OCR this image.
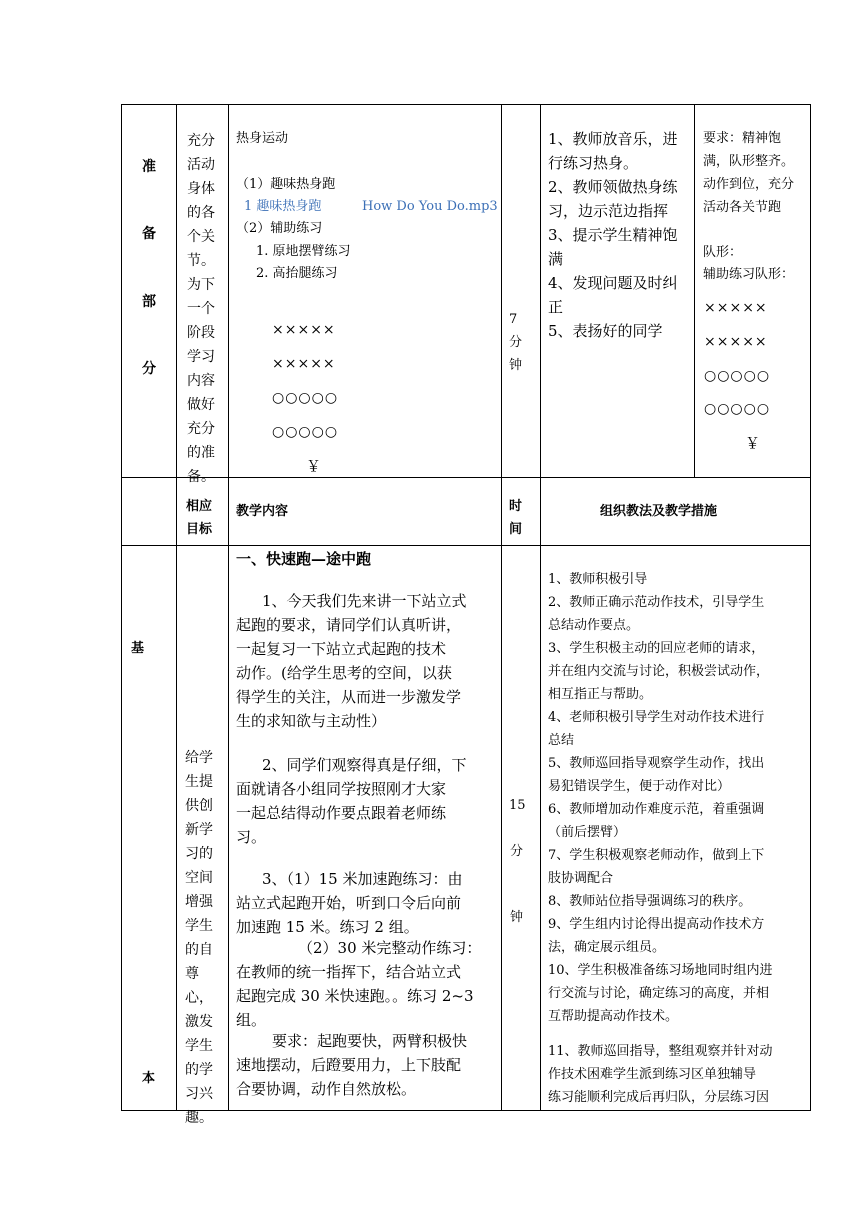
准
备
部
分
充分
活动
身体
的各
个关
节。
为下
一个
阶段
学习
内容
做好
充分
的准
备。
热身运动
（1）趣味热身跑
1 趣味热身跑	How Do You Do.mp3
（2）辅助练习
1. 原地摆臂练习
2. 高抬腿练习
×××××
×××××
○○○○○
○○○○○
￥
7
分
钟
1、教师放音乐，进
行练习热身。
2、教师领做热身练
习，边示范边指挥
3、提示学生精神饱
满
4、发现问题及时纠
正
5、表扬好的同学
要求：精神饱
满，队形整齐。
动作到位，充分
活动各关节跑
队形：
辅助练习队形：
×××××
×××××
○○○○○
○○○○○
￥
相应
目标
教学内容	时
间
组织教法及教学措施
基
本
给学
生提
供创
新学
习的
空间
增强
学生
的自
尊
心，
激发
学生
的学
习兴
趣。
一、快速跑—途中跑
1、今天我们先来讲一下站立式
起跑的要求，请同学们认真听讲，
一起复习一下站立式起跑的技术
动作。(给学生思考的空间，以获
得学生的关注，从而进一步激发学
生的求知欲与主动性）
2、同学们观察得真是仔细，下
面就请各小组同学按照刚才大家
一起总结得动作要点跟着老师练
习。
3、（1）15 米加速跑练习：由
站立式起跑开始，听到口令后向前
加速跑 15 米。练习 2 组。
（2）30 米完整动作练习：
在教师的统一指挥下，结合站立式
起跑完成 30 米快速跑。。练习 2~3
组。
要求：起跑要快，两臂积极快
速地摆动，后蹬要用力，上下肢配
合要协调，动作自然放松。
15
分
钟
1、教师积极引导
2、教师正确示范动作技术，引导学生
总结动作要点。
3、学生积极主动的回应老师的请求，
并在组内交流与讨论，积极尝试动作，
相互指正与帮助。
4、老师积极引导学生对动作技术进行
总结
5、教师巡回指导观察学生动作，找出
易犯错误学生，便于动作对比）
6、教师增加动作难度示范，着重强调
（前后摆臂）
7、学生积极观察老师动作，做到上下
肢协调配合
8、教师站位指导强调练习的秩序。
9、学生组内讨论得出提高动作技术方
法，确定展示组员。
10、学生积极准备练习场地同时组内进
行交流与讨论，确定练习的高度，并相
互帮助提高动作技术。
11、教师巡回指导，整组观察并针对动
作技术困难学生派到练习区单独辅导
练习能顺利完成后再归队，分层练习因
